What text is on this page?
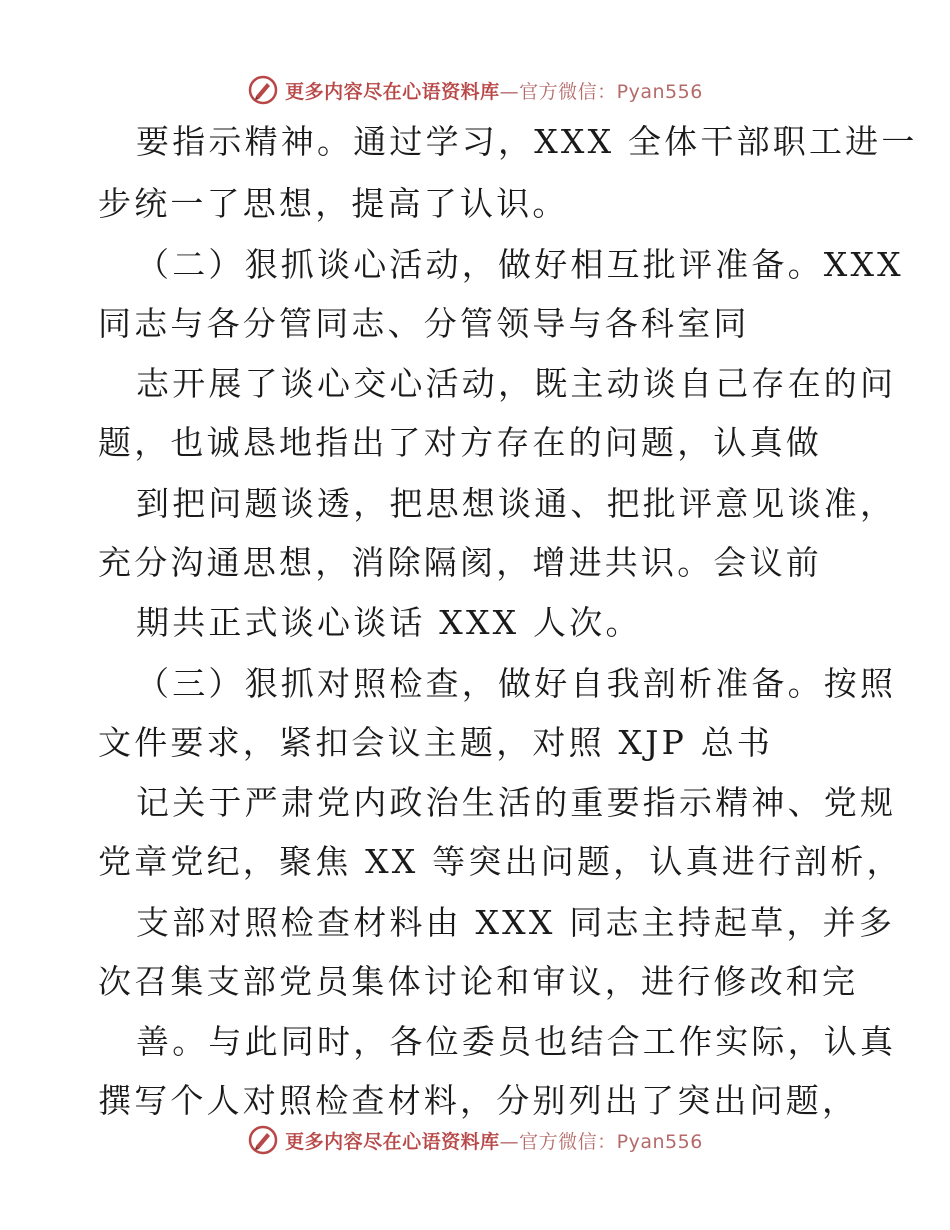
更多内容尽在心语资料库—官方微信：Pyan556
要指示精神。通过学习，XXX 全体干部职工进一
步统一了思想，提高了认识。
（二）狠抓谈心活动，做好相互批评准备。XXX
同志与各分管同志、分管领导与各科室同
志开展了谈心交心活动，既主动谈自己存在的问
题，也诚恳地指出了对方存在的问题，认真做
到把问题谈透，把思想谈通、把批评意见谈准，
充分沟通思想，消除隔阂，增进共识。会议前
期共正式谈心谈话 XXX 人次。
（三）狠抓对照检查，做好自我剖析准备。按照
文件要求，紧扣会议主题，对照 XJP 总书
记关于严肃党内政治生活的重要指示精神、党规
党章党纪，聚焦 XX 等突出问题，认真进行剖析，
支部对照检查材料由 XXX 同志主持起草，并多
次召集支部党员集体讨论和审议，进行修改和完
善。与此同时，各位委员也结合工作实际，认真
撰写个人对照检查材料，分别列出了突出问题，
更多内容尽在心语资料库—官方微信：Pyan556
